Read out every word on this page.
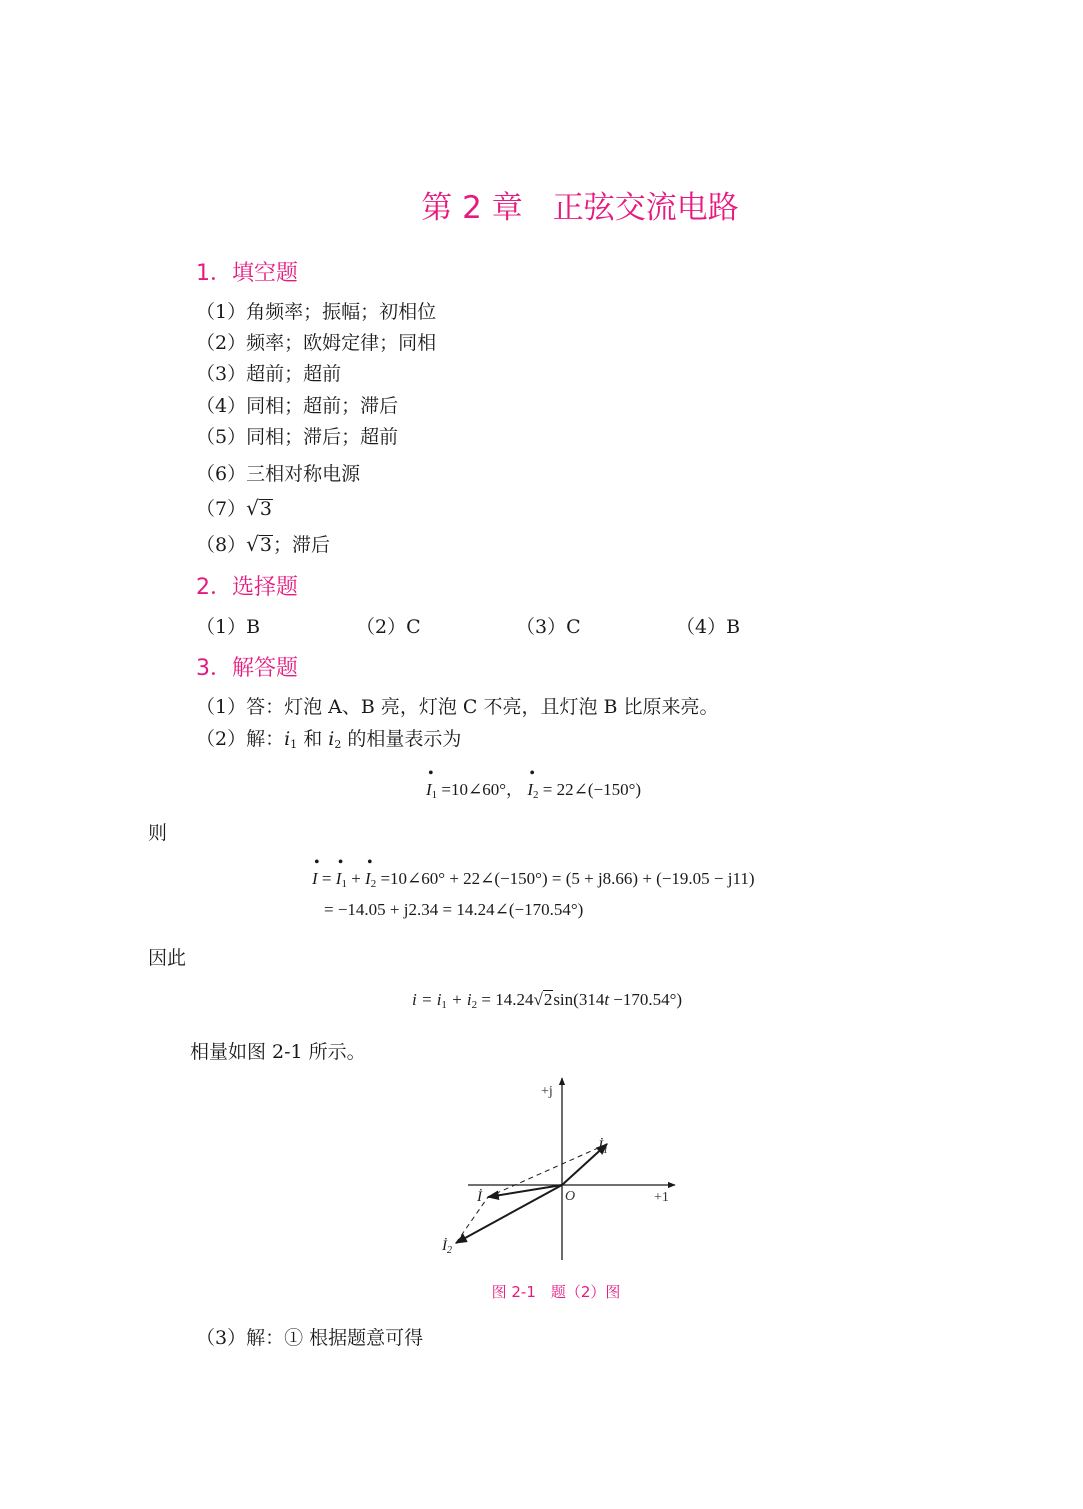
第 2 章 正弦交流电路
1．填空题
（1）角频率；振幅；初相位
（2）频率；欧姆定律；同相
（3）超前；超前
（4）同相；超前；滞后
（5）同相；滞后；超前
（6）三相对称电源
（7）√3
（8）√3；滞后
2．选择题
（1）B	（2）C	（3）C	（4）B
3．解答题
（1）答：灯泡 A、B 亮，灯泡 C 不亮，且灯泡 B 比原来亮。
（2）解：$i_1$ 和 $i_2$ 的相量表示为
• $I_1$ =10∠60°， • $I_2$ = 22∠(−150°)
则
• I = • $I_1$ + • $I_2$ =10∠60° + 22∠(−150°) = (5 + j8.66) + (−19.05 − j11)
= −14.05 + j2.34 = 14.24∠(−170.54°)
因此
$i = i_1 + i_2 = 14.24√2\sin(314t -170.54^\circ)$
相量如图 2-1 所示。
+j
+1
O
$İ_1$
İ
$İ_2$
图 2-1　题（2）图
（3）解：① 根据题意可得
